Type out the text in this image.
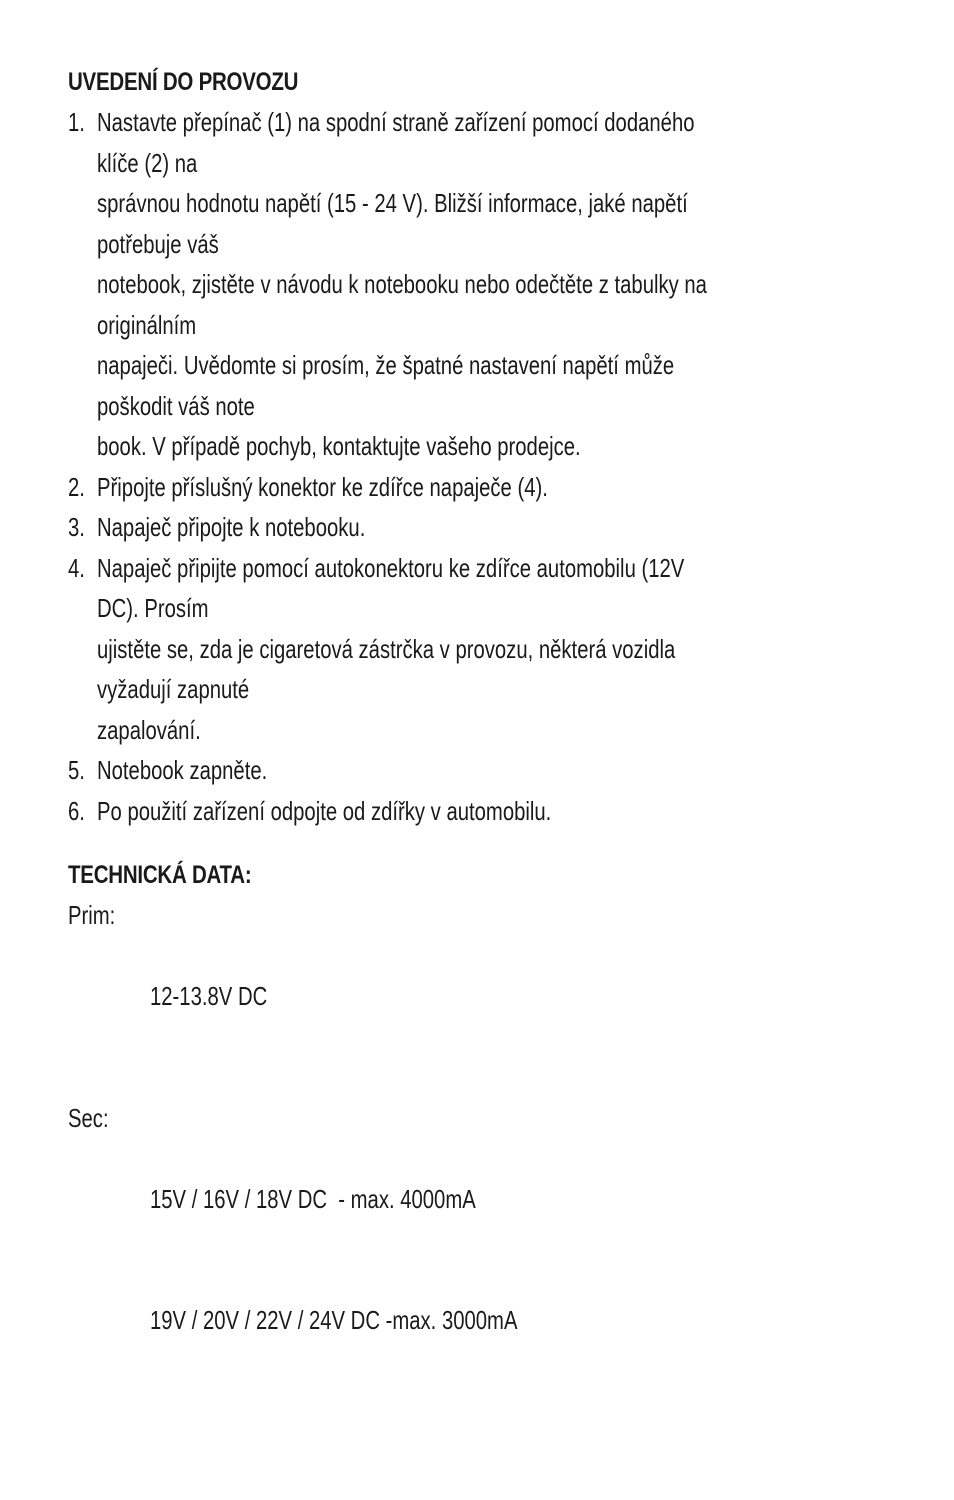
UVEDENÍ DO PROVOZU
1. Nastavte přepínač (1) na spodní straně zařízení pomocí dodaného klíče (2) na
správnou hodnotu napětí (15 - 24 V). Bližší informace, jaké napětí potřebuje váš
notebook, zjistěte v návodu k notebooku nebo odečtěte z tabulky na originálním
napaječi. Uvědomte si prosím, že špatné nastavení napětí může poškodit váš note
book. V případě pochyb, kontaktujte vašeho prodejce.
2. Připojte příslušný konektor ke zdířce napaječe (4).
3. Napaječ připojte k notebooku.
4. Napaječ připijte pomocí autokonektoru ke zdířce automobilu (12V DC). Prosím
ujistěte se, zda je cigaretová zástrčka v provozu, některá vozidla vyžadují zapnuté
zapalování.
5. Notebook zapněte.
6. Po použití zařízení odpojte od zdířky v automobilu.
TECHNICKÁ DATA:
Prim:

12-13.8V DC

Sec:

15V / 16V / 18V DC  - max. 4000mA

19V / 20V / 22V / 24V DC -max. 3000mA
